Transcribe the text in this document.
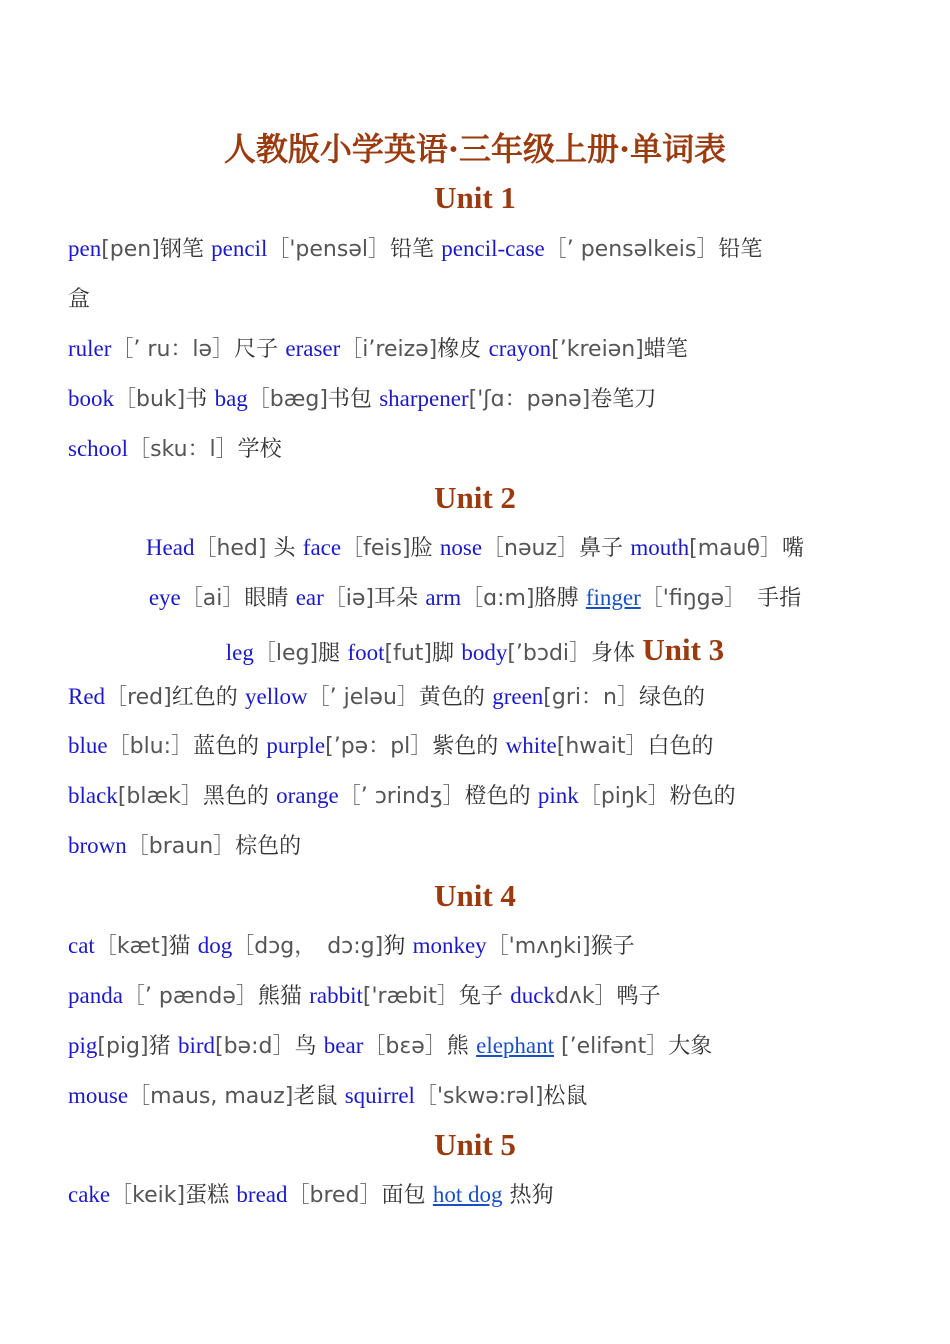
人教版小学英语·三年级上册·单词表
Unit 1
pen[pen]钢笔 pencil［'pensəl］铅笔 pencil-case［’ pensəlkeis］铅笔
盒
ruler［’ ru：lə］尺子 eraser［i’reizə]橡皮 crayon[’kreiən]蜡笔
book［buk]书 bag［bæg]书包 sharpener['ʃɑ：pənə]卷笔刀
school［sku：l］学校
Unit 2
Head［hed] 头 face［feis]脸 nose［nəuz］鼻子 mouth[mauθ］嘴
eye［ai］眼睛 ear［iə]耳朵 arm［ɑ:m]胳膊 finger［'fiŋgə］　手指
leg［leg]腿 foot[fut]脚 body[’bɔdi］身体 Unit 3
Red［red]红色的 yellow［’ jeləu］黄色的 green[gri：n］绿色的
blue［blu:］蓝色的 purple[’pə：pl］紫色的 white[hwait］白色的
black[blæk］黑色的 orange［’ ɔrindʒ］橙色的 pink［piŋk］粉色的
brown［braun］棕色的
Unit 4
cat［kæt]猫 dog［dɔg，　dɔ:g]狗 monkey［'mʌŋki]猴子
panda［’ pændə］熊猫 rabbit['ræbit］兔子 duckdʌk］鸭子
pig[pig]猪 bird[bə:d］鸟 bear［bɛə］熊 elephant [’elifənt］大象
mouse［maus, mauz]老鼠 squirrel［'skwə:rəl]松鼠
Unit 5
cake［keik]蛋糕 bread［bred］面包 hot dog 热狗
